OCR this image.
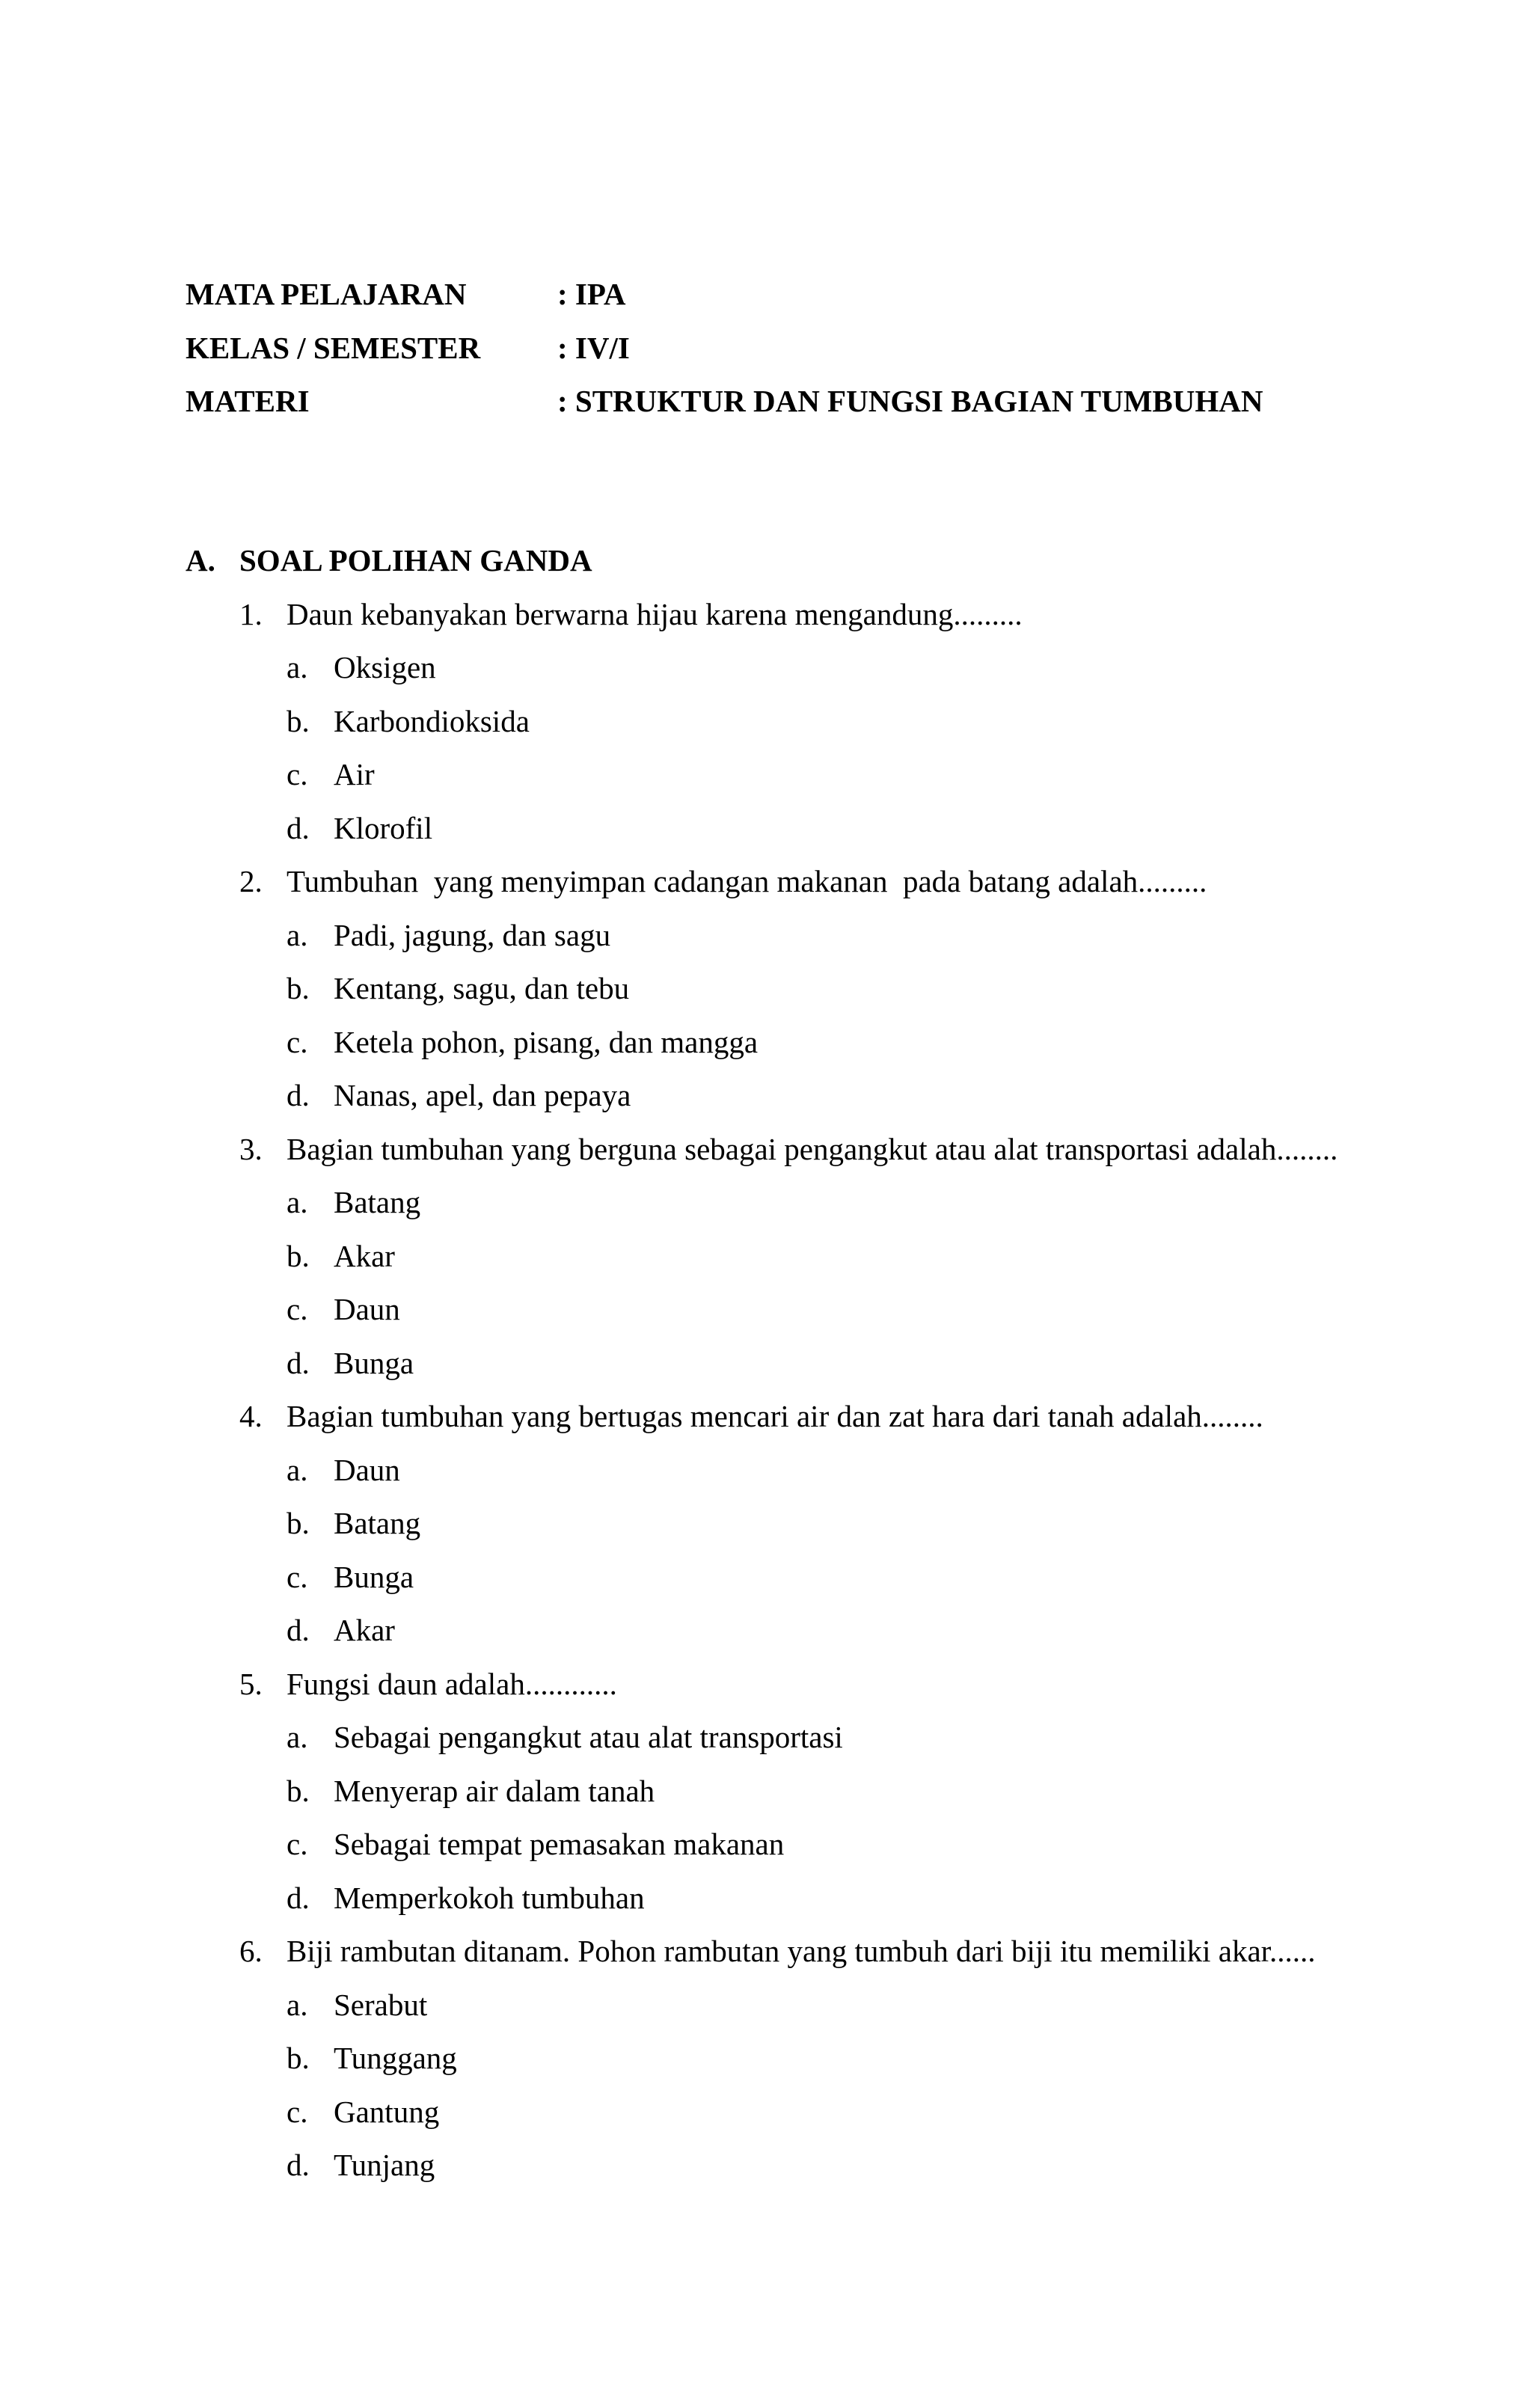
MATA PELAJARAN	: IPA
KELAS / SEMESTER	: IV/I
MATERI	: STRUKTUR DAN FUNGSI BAGIAN TUMBUHAN
A. SOAL POLIHAN GANDA
1. Daun kebanyakan berwarna hijau karena mengandung.........
a. Oksigen
b. Karbondioksida
c. Air
d. Klorofil
2. Tumbuhan  yang menyimpan cadangan makanan  pada batang adalah.........
a. Padi, jagung, dan sagu
b. Kentang, sagu, dan tebu
c. Ketela pohon, pisang, dan mangga
d. Nanas, apel, dan pepaya
3. Bagian tumbuhan yang berguna sebagai pengangkut atau alat transportasi adalah........
a. Batang
b. Akar
c. Daun
d. Bunga
4. Bagian tumbuhan yang bertugas mencari air dan zat hara dari tanah adalah........
a. Daun
b. Batang
c. Bunga
d. Akar
5. Fungsi daun adalah............
a. Sebagai pengangkut atau alat transportasi
b. Menyerap air dalam tanah
c. Sebagai tempat pemasakan makanan
d. Memperkokoh tumbuhan
6. Biji rambutan ditanam. Pohon rambutan yang tumbuh dari biji itu memiliki akar......
a. Serabut
b. Tunggang
c. Gantung
d. Tunjang
